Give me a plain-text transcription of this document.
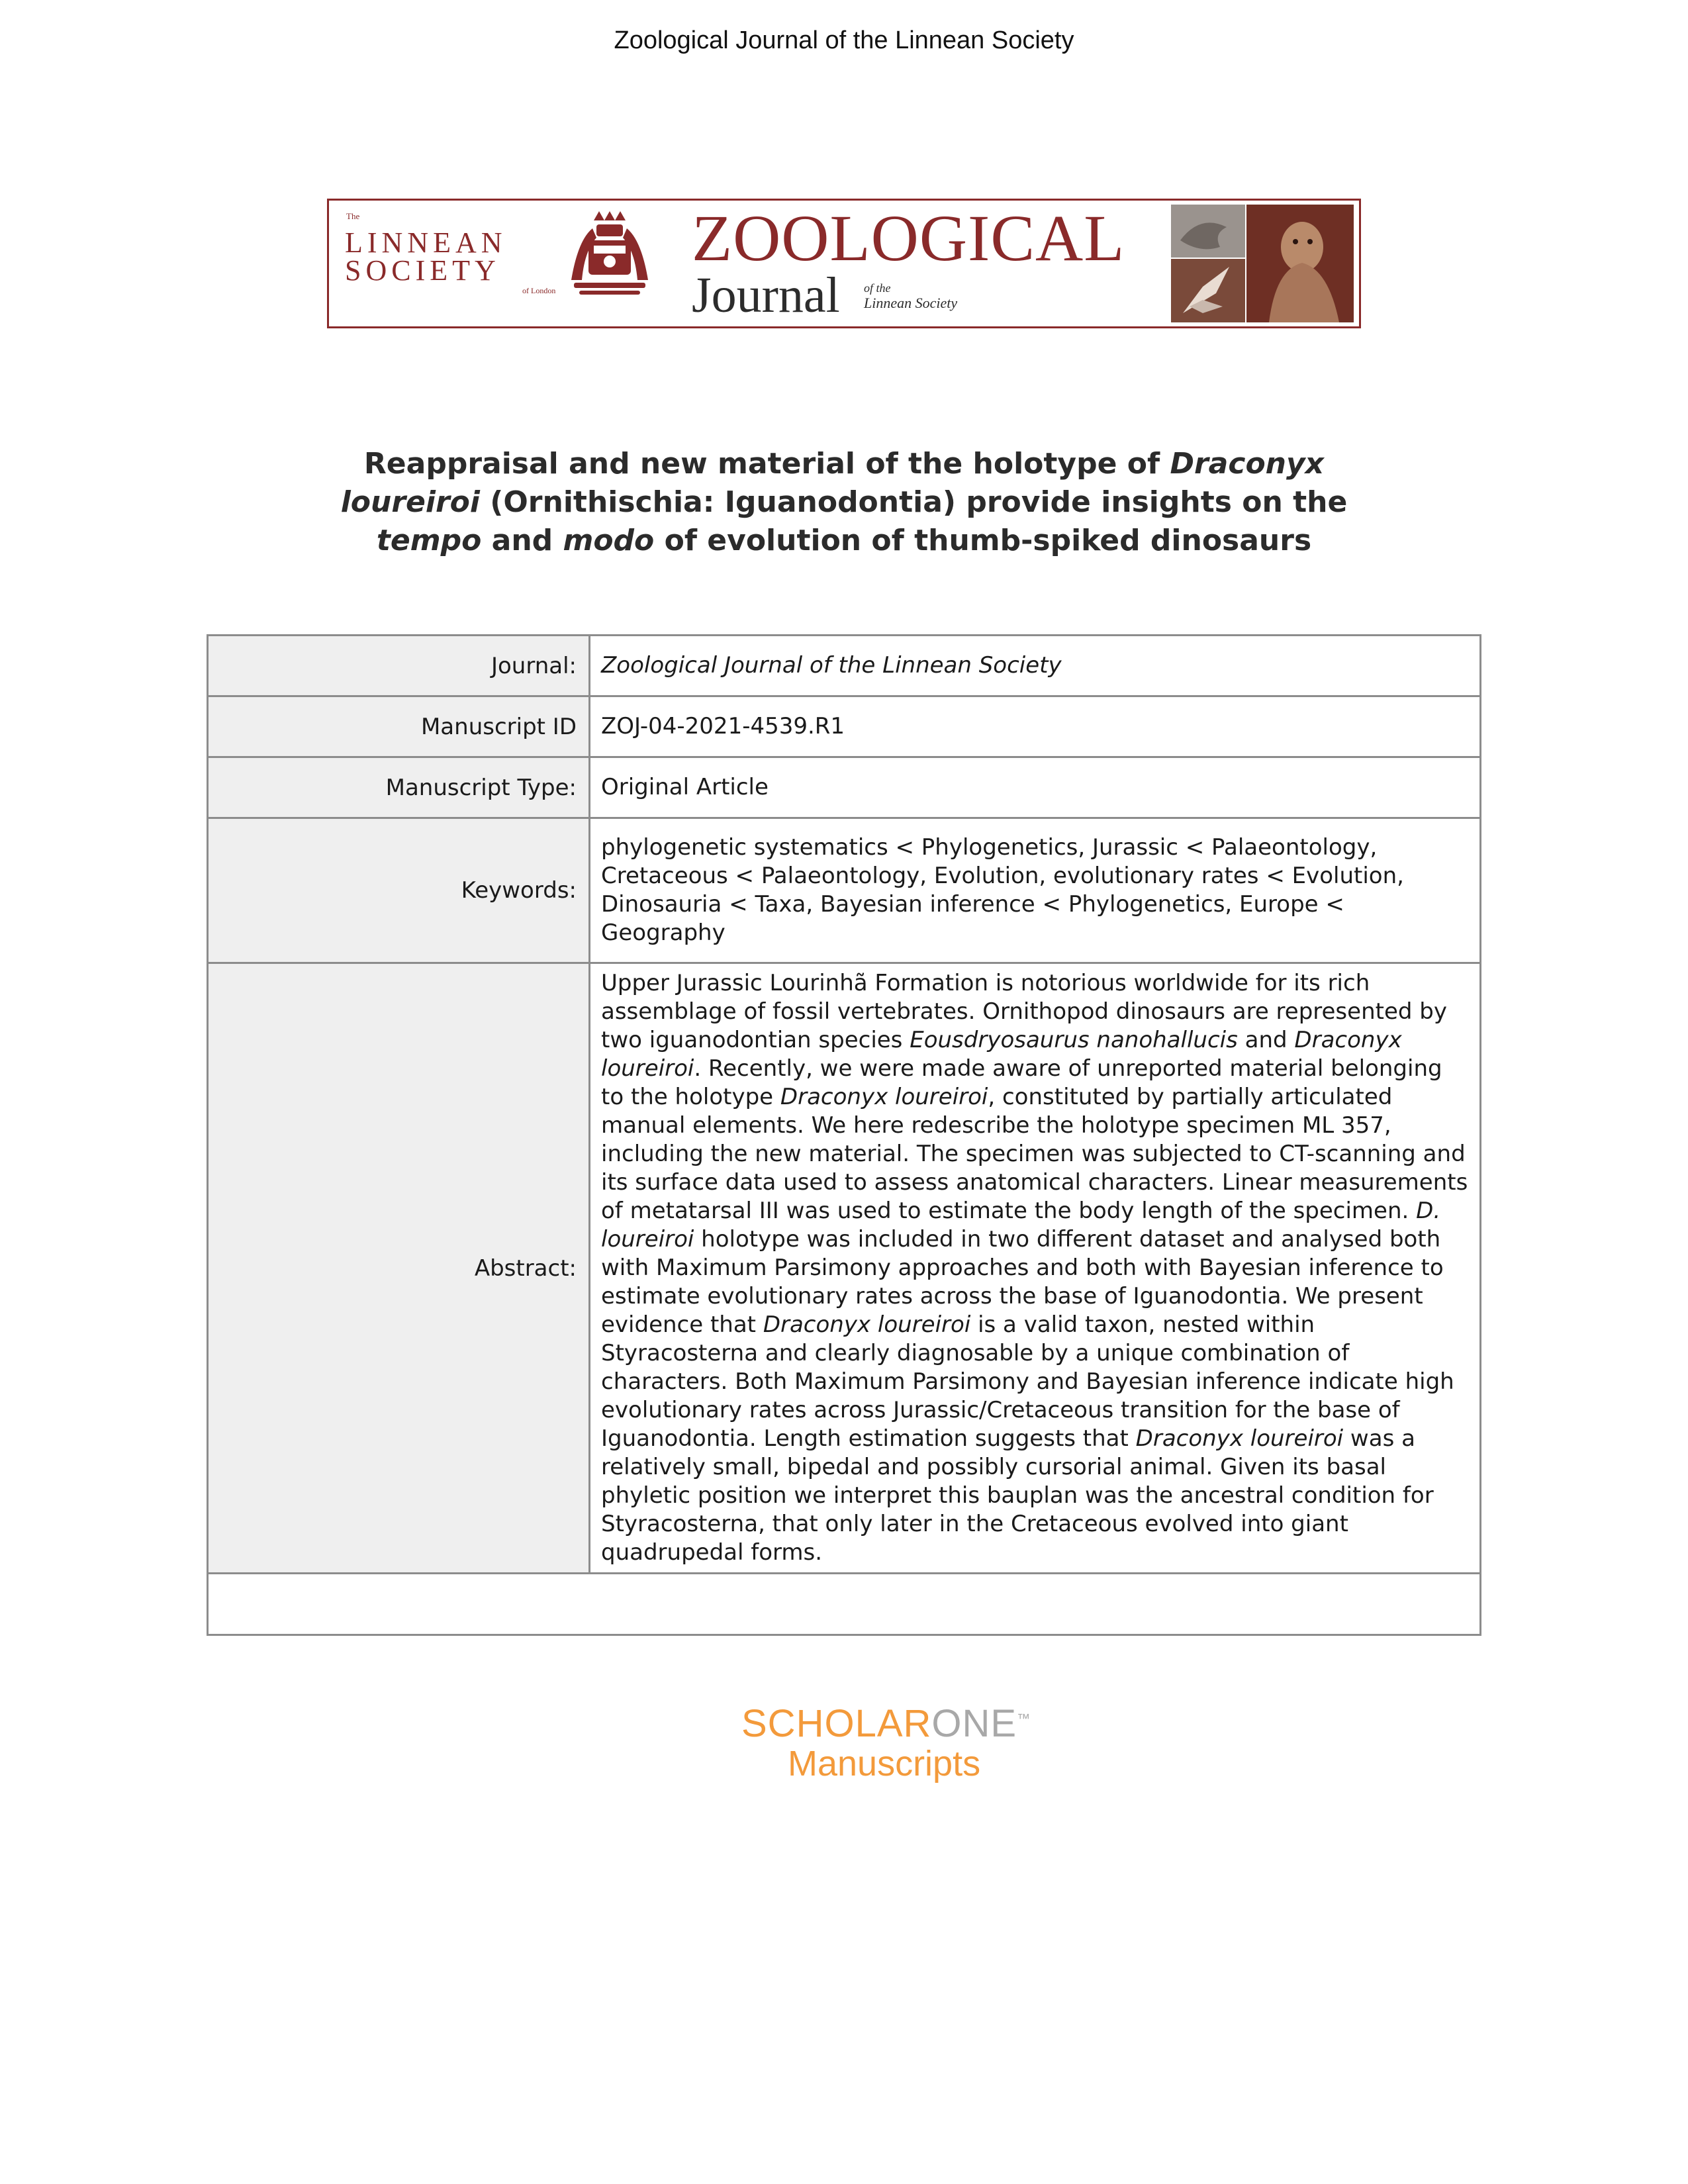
Zoological Journal of the Linnean Society
The
LINNEAN
SOCIETY
of London
ZOOLOGICAL
Journal of the
Linnean Society
Reappraisal and new material of the holotype of Draconyx loureiroi (Ornithischia: Iguanodontia) provide insights on the tempo and modo of evolution of thumb-spiked dinosaurs
Journal:	Zoological Journal of the Linnean Society
Manuscript ID	ZOJ-04-2021-4539.R1
Manuscript Type:	Original Article
Keywords:	phylogenetic systematics < Phylogenetics, Jurassic < Palaeontology, Cretaceous < Palaeontology, Evolution, evolutionary rates < Evolution, Dinosauria < Taxa, Bayesian inference < Phylogenetics, Europe < Geography
Abstract:	Upper Jurassic Lourinhã Formation is notorious worldwide for its rich assemblage of fossil vertebrates. Ornithopod dinosaurs are represented by two iguanodontian species Eousdryosaurus nanohallucis and Draconyx loureiroi. Recently, we were made aware of unreported material belonging to the holotype Draconyx loureiroi, constituted by partially articulated manual elements. We here redescribe the holotype specimen ML 357, including the new material. The specimen was subjected to CT-scanning and its surface data used to assess anatomical characters. Linear measurements of metatarsal III was used to estimate the body length of the specimen. D. loureiroi holotype was included in two different dataset and analysed both with Maximum Parsimony approaches and both with Bayesian inference to estimate evolutionary rates across the base of Iguanodontia. We present evidence that Draconyx loureiroi is a valid taxon, nested within Styracosterna and clearly diagnosable by a unique combination of characters. Both Maximum Parsimony and Bayesian inference indicate high evolutionary rates across Jurassic/Cretaceous transition for the base of Iguanodontia. Length estimation suggests that Draconyx loureiroi was a relatively small, bipedal and possibly cursorial animal. Given its basal phyletic position we interpret this bauplan was the ancestral condition for Styracosterna, that only later in the Cretaceous evolved into giant quadrupedal forms.

SCHOLARONE™
Manuscripts
